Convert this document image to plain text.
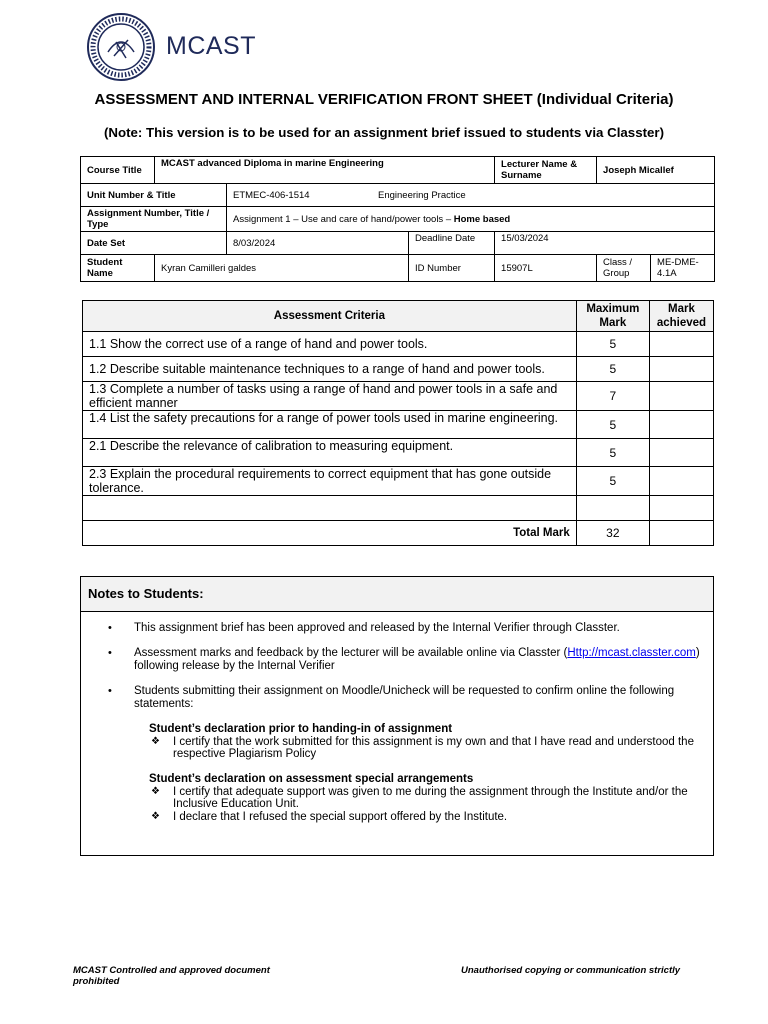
MCAST
ASSESSMENT AND INTERNAL VERIFICATION FRONT SHEET (Individual Criteria)
(Note: This version is to be used for an assignment brief issued to students via Classter)
Course Title	MCAST advanced Diploma in marine Engineering			Lecturer Name & Surname	Joseph Micallef	
Unit Number & Title		ETMEC-406-1514 Engineering Practice				
Assignment Number, Title / Type		Assignment 1 – Use and care of hand/power tools – Home based				
Date Set		8/03/2024	Deadline Date	15/03/2024		
Student Name	Kyran Camilleri galdes		ID Number	15907L	Class / Group	ME-DME-4.1A
Assessment Criteria	Maximum Mark	Mark achieved
1.1 Show the correct use of a range of hand and power tools.	5	
1.2 Describe suitable maintenance techniques to a range of hand and power tools.	5	
1.3 Complete a number of tasks using a range of hand and power tools in a safe and efficient manner	7	
1.4 List the safety precautions for a range of power tools used in marine engineering.	5	
2.1 Describe the relevance of calibration to measuring equipment.	5	
2.3 Explain the procedural requirements to correct equipment that has gone outside tolerance.	5	

Total Mark	32	
Notes to Students:
• This assignment brief has been approved and released by the Internal Verifier through Classter.
• Assessment marks and feedback by the lecturer will be available online via Classter (Http://mcast.classter.com) following release by the Internal Verifier
• Students submitting their assignment on Moodle/Unicheck will be requested to confirm online the following statements:
Student’s declaration prior to handing-in of assignment
❖ I certify that the work submitted for this assignment is my own and that I have read and understood the respective Plagiarism Policy
Student’s declaration on assessment special arrangements
❖ I certify that adequate support was given to me during the assignment through the Institute and/or the Inclusive Education Unit.
❖ I declare that I refused the special support offered by the Institute.
MCAST Controlled and approved document prohibited
Unauthorised copying or communication strictly
